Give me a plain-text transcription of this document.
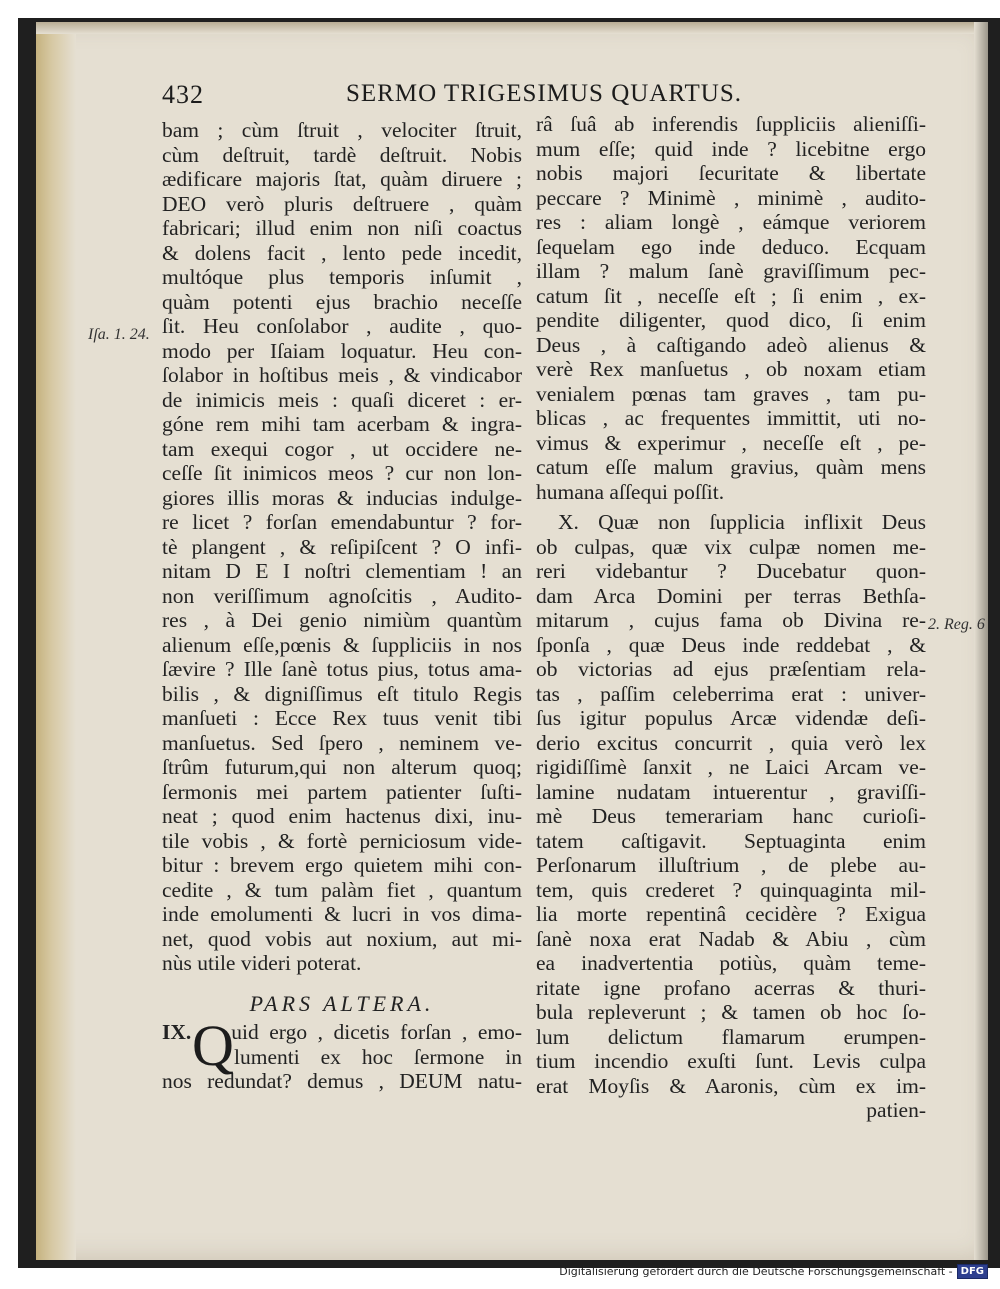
432	SERMO TRIGESIMUS QUARTUS.
Iſa. 1. 24.
2. Reg. 6
bam ; cùm ſtruit , velociter ſtruit,
cùm deſtruit, tardè deſtruit. Nobis
ædificare majoris ſtat, quàm diruere ;
DEO verò pluris deſtruere , quàm
fabricari; illud enim non niſi coactus
& dolens facit , lento pede incedit,
multóque plus temporis inſumit ,
quàm potenti ejus brachio neceſſe
ſit. Heu conſolabor , audite , quo-
modo per Iſaiam loquatur. Heu con-
ſolabor in hoſtibus meis , & vindicabor
de inimicis meis : quaſi diceret : er-
góne rem mihi tam acerbam & ingra-
tam exequi cogor , ut occidere ne-
ceſſe ſit inimicos meos ? cur non lon-
giores illis moras & inducias indulge-
re licet ? forſan emendabuntur ? for-
tè plangent , & reſipiſcent ? O infi-
nitam D E I noſtri clementiam ! an
non veriſſimum agnoſcitis , Audito-
res , à Dei genio nimiùm quantùm
alienum eſſe,pœnis & ſuppliciis in nos
ſævire ? Ille ſanè totus pius, totus ama-
bilis , & digniſſimus eſt titulo Regis
manſueti : Ecce Rex tuus venit tibi
manſuetus. Sed ſpero , neminem ve-
ſtrûm futurum,qui non alterum quoq;
ſermonis mei partem patienter ſuſti-
neat ; quod enim hactenus dixi, inu-
tile vobis , & fortè perniciosum vide-
bitur : brevem ergo quietem mihi con-
cedite , & tum palàm fiet , quantum
inde emolumenti & lucri in vos dima-
net, quod vobis aut noxium, aut mi-
nùs utile videri poterat.
PARS ALTERA.
IX. uid ergo , dicetis forſan , emo-
Q lumenti ex hoc ſermone in
nos redundat? demus , DEUM natu-
râ ſuâ ab inferendis ſuppliciis alieniſſi-
mum eſſe; quid inde ? licebitne ergo
nobis majori ſecuritate & libertate
peccare ? Minimè , minimè , audito-
res : aliam longè , eámque veriorem
ſequelam ego inde deduco. Ecquam
illam ? malum ſanè graviſſimum pec-
catum ſit , neceſſe eſt ; ſi enim , ex-
pendite diligenter, quod dico, ſi enim
Deus , à caſtigando adeò alienus &
verè Rex manſuetus , ob noxam etiam
venialem pœnas tam graves , tam pu-
blicas , ac frequentes immittit, uti no-
vimus & experimur , neceſſe eſt , pe-
catum eſſe malum gravius, quàm mens
humana aſſequi poſſit.
X. Quæ non ſupplicia inflixit Deus
ob culpas, quæ vix culpæ nomen me-
reri videbantur ? Ducebatur quon-
dam Arca Domini per terras Bethſa-
mitarum , cujus fama ob Divina re-
ſponſa , quæ Deus inde reddebat , &
ob victorias ad ejus præſentiam rela-
tas , paſſim celeberrima erat : univer-
ſus igitur populus Arcæ videndæ deſi-
derio excitus concurrit , quia verò lex
rigidiſſimè ſanxit , ne Laici Arcam ve-
lamine nudatam intuerentur , graviſſi-
mè Deus temerariam hanc curioſi-
tatem caſtigavit. Septuaginta enim
Perſonarum illuſtrium , de plebe au-
tem, quis crederet ? quinquaginta mil-
lia morte repentinâ cecidère ? Exigua
ſanè noxa erat Nadab & Abiu , cùm
ea inadvertentia potiùs, quàm teme-
ritate igne profano acerras & thuri-
bula repleverunt ; & tamen ob hoc ſo-
lum delictum flamarum erumpen-
tium incendio exuſti ſunt. Levis culpa
erat Moyſis & Aaronis, cùm ex im-
patien-
Digitalisierung gefördert durch die Deutsche Forschungsgemeinschaft - DFG
